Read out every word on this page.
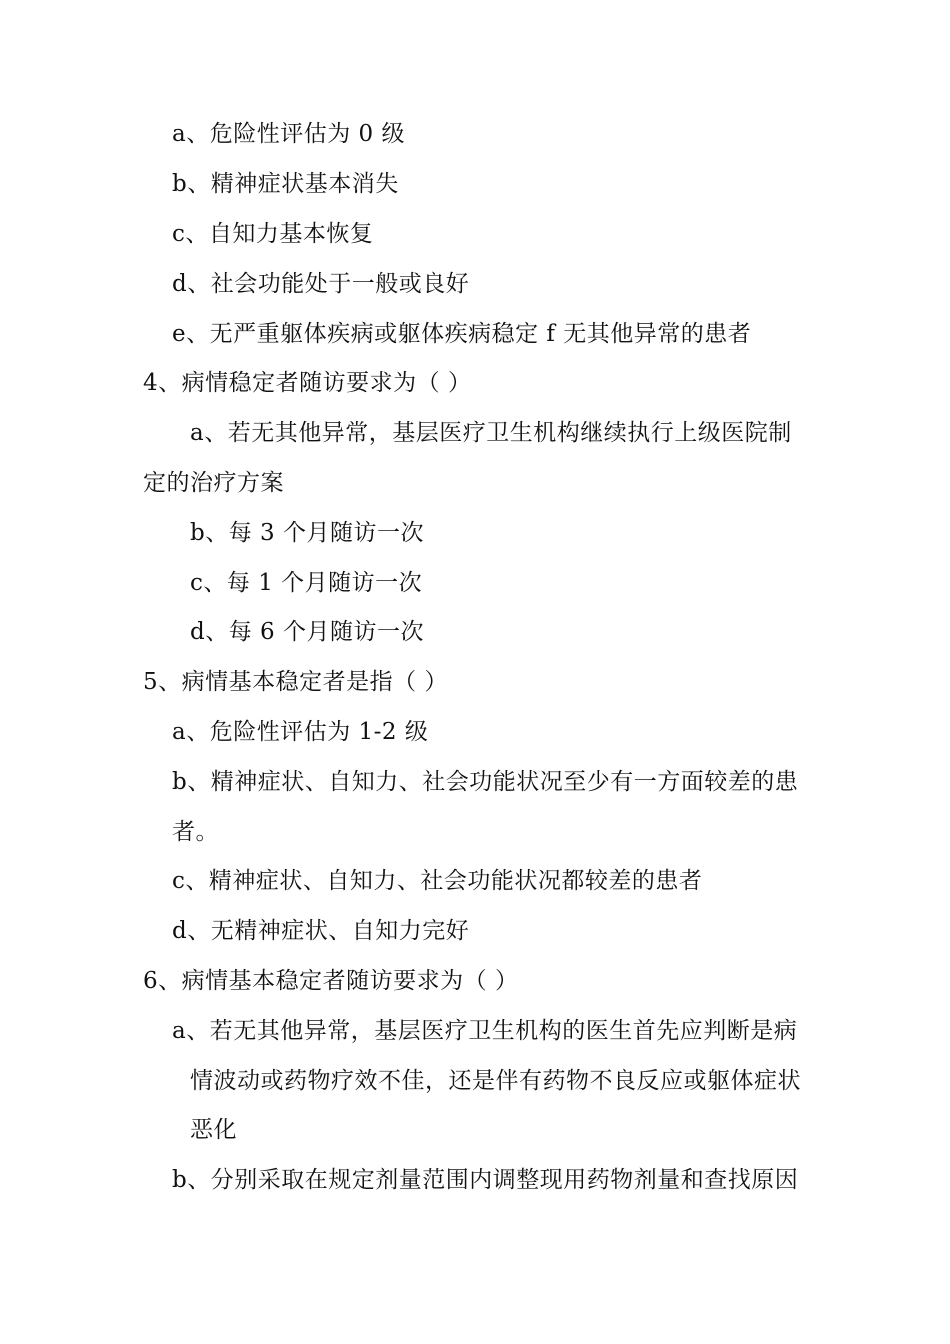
a、危险性评估为 0 级
b、精神症状基本消失
c、自知力基本恢复
d、社会功能处于一般或良好
e、无严重躯体疾病或躯体疾病稳定 f 无其他异常的患者
4、病情稳定者随访要求为（ ）
a、若无其他异常，基层医疗卫生机构继续执行上级医院制
定的治疗方案
b、每 3 个月随访一次
c、每 1 个月随访一次
d、每 6 个月随访一次
5、病情基本稳定者是指（ ）
a、危险性评估为 1-2 级
b、精神症状、自知力、社会功能状况至少有一方面较差的患
者。
c、精神症状、自知力、社会功能状况都较差的患者
d、无精神症状、自知力完好
6、病情基本稳定者随访要求为（ ）
a、若无其他异常，基层医疗卫生机构的医生首先应判断是病
情波动或药物疗效不佳，还是伴有药物不良反应或躯体症状
恶化
b、分别采取在规定剂量范围内调整现用药物剂量和查找原因
